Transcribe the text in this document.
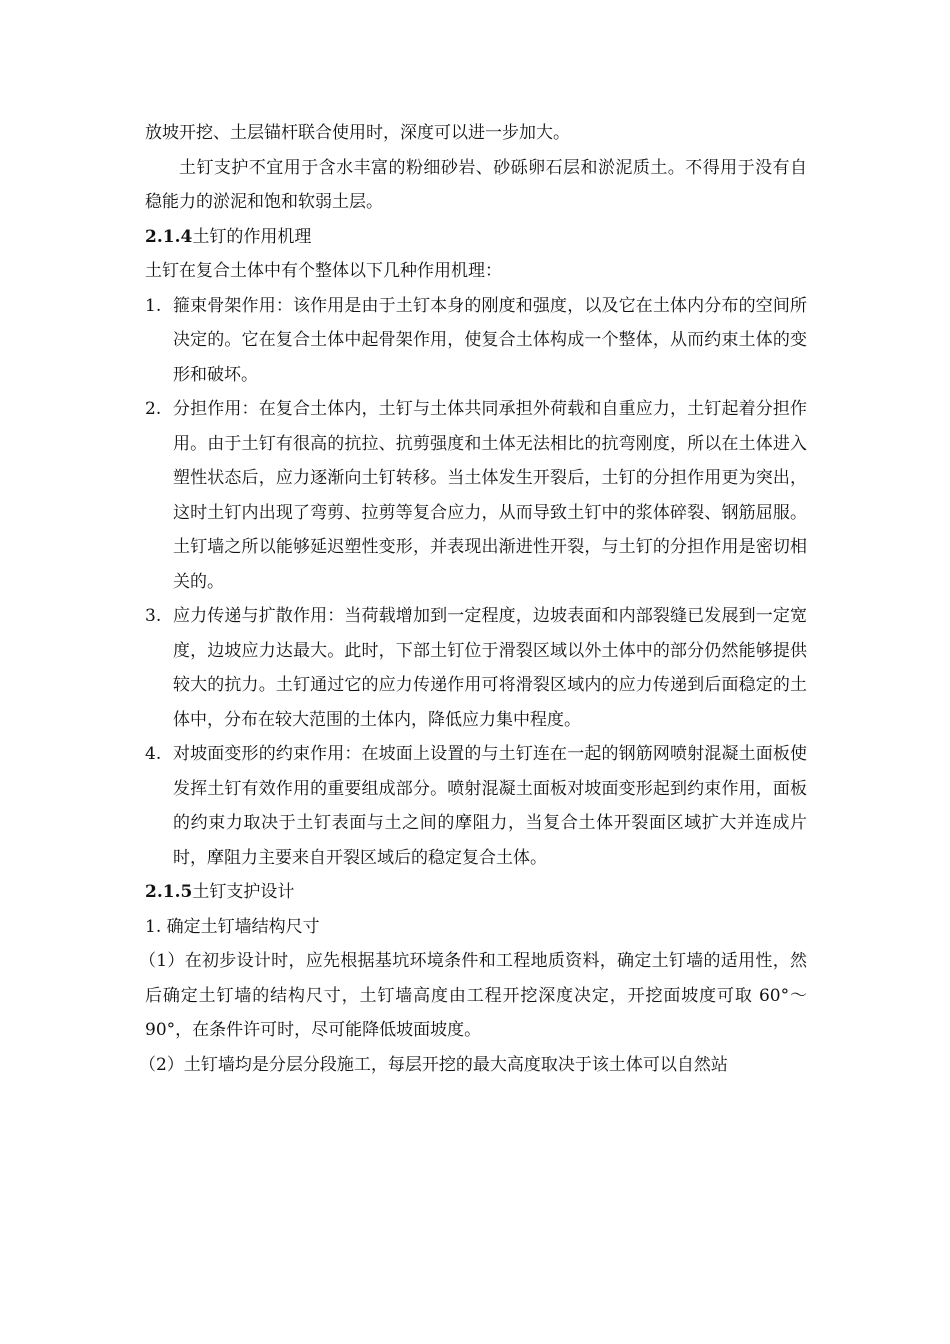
放坡开挖、土层锚杆联合使用时，深度可以进一步加大。

土钉支护不宜用于含水丰富的粉细砂岩、砂砾卵石层和淤泥质土。不得用于没有自稳能力的淤泥和饱和软弱土层。

2.1.4土钉的作用机理

土钉在复合土体中有个整体以下几种作用机理：

1. 箍束骨架作用：该作用是由于土钉本身的刚度和强度，以及它在土体内分布的空间所决定的。它在复合土体中起骨架作用，使复合土体构成一个整体，从而约束土体的变形和破坏。
2. 分担作用：在复合土体内，土钉与土体共同承担外荷载和自重应力，土钉起着分担作用。由于土钉有很高的抗拉、抗剪强度和土体无法相比的抗弯刚度，所以在土体进入塑性状态后，应力逐渐向土钉转移。当土体发生开裂后，土钉的分担作用更为突出，这时土钉内出现了弯剪、拉剪等复合应力，从而导致土钉中的浆体碎裂、钢筋屈服。土钉墙之所以能够延迟塑性变形，并表现出渐进性开裂，与土钉的分担作用是密切相关的。
3. 应力传递与扩散作用：当荷载增加到一定程度，边坡表面和内部裂缝已发展到一定宽度，边坡应力达最大。此时，下部土钉位于滑裂区域以外土体中的部分仍然能够提供较大的抗力。土钉通过它的应力传递作用可将滑裂区域内的应力传递到后面稳定的土体中，分布在较大范围的土体内，降低应力集中程度。
4. 对坡面变形的约束作用：在坡面上设置的与土钉连在一起的钢筋网喷射混凝土面板使发挥土钉有效作用的重要组成部分。喷射混凝土面板对坡面变形起到约束作用，面板的约束力取决于土钉表面与土之间的摩阻力，当复合土体开裂面区域扩大并连成片时，摩阻力主要来自开裂区域后的稳定复合土体。

2.1.5土钉支护设计

1. 确定土钉墙结构尺寸

（1）在初步设计时，应先根据基坑环境条件和工程地质资料，确定土钉墙的适用性，然后确定土钉墙的结构尺寸，土钉墙高度由工程开挖深度决定，开挖面坡度可取 60°～90°，在条件许可时，尽可能降低坡面坡度。

（2）土钉墙均是分层分段施工，每层开挖的最大高度取决于该土体可以自然站
